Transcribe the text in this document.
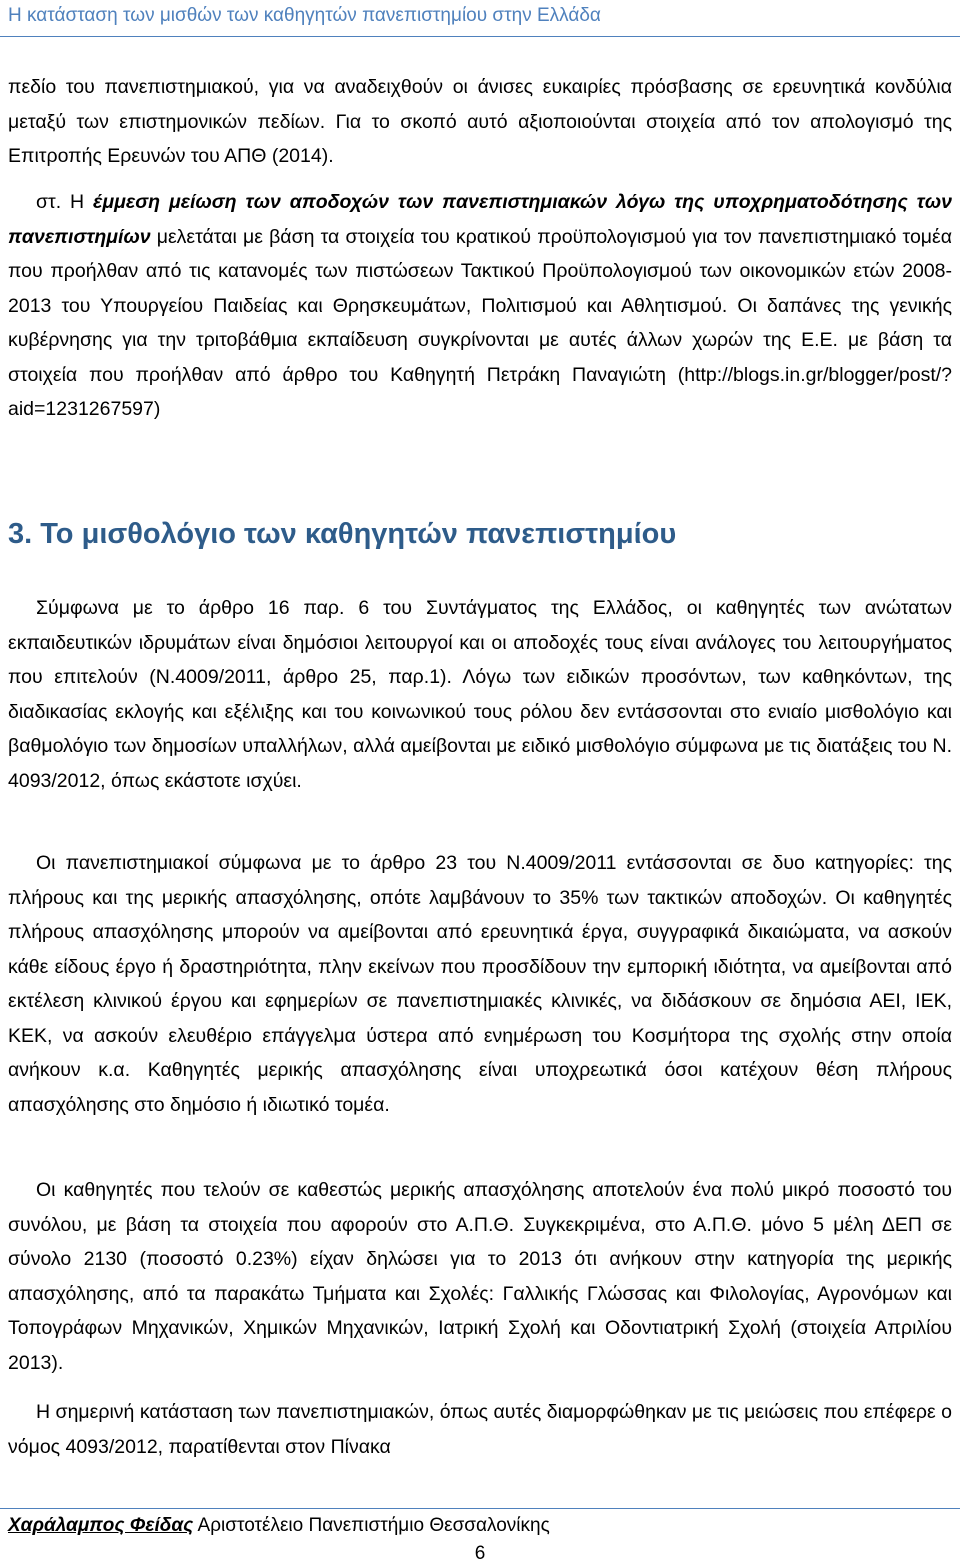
Η κατάσταση των μισθών των καθηγητών πανεπιστημίου στην Ελλάδα

πεδίο του πανεπιστημιακού, για να αναδειχθούν οι άνισες ευκαιρίες πρόσβασης σε ερευνητικά κονδύλια μεταξύ των επιστημονικών πεδίων. Για το σκοπό αυτό αξιοποιούνται στοιχεία από τον απολογισμό της Επιτροπής Ερευνών του ΑΠΘ (2014).

στ. Η έμμεση μείωση των αποδοχών των πανεπιστημιακών λόγω της υποχρηματοδότησης των πανεπιστημίων μελετάται με βάση τα στοιχεία του κρατικού προϋπολογισμού για τον πανεπιστημιακό τομέα που προήλθαν από τις κατανομές των πιστώσεων Τακτικού Προϋπολογισμού των οικονομικών ετών 2008-2013 του Υπουργείου Παιδείας και Θρησκευμάτων, Πολιτισμού και Αθλητισμού. Οι δαπάνες της γενικής κυβέρνησης για την τριτοβάθμια εκπαίδευση συγκρίνονται με αυτές άλλων χωρών της Ε.Ε. με βάση τα στοιχεία που προήλθαν από άρθρο του Καθηγητή Πετράκη Παναγιώτη (http://blogs.in.gr/blogger/post/?aid=1231267597)

3. Το μισθολόγιο των καθηγητών πανεπιστημίου

Σύμφωνα με το άρθρο 16 παρ. 6 του Συντάγματος της Ελλάδος, οι καθηγητές των ανώτατων εκπαιδευτικών ιδρυμάτων είναι δημόσιοι λειτουργοί και οι αποδοχές τους είναι ανάλογες του λειτουργήματος που επιτελούν (Ν.4009/2011, άρθρο 25, παρ.1). Λόγω των ειδικών προσόντων, των καθηκόντων, της διαδικασίας εκλογής και εξέλιξης και του κοινωνικού τους ρόλου δεν εντάσσονται στο ενιαίο μισθολόγιο και βαθμολόγιο των δημοσίων υπαλλήλων, αλλά αμείβονται με ειδικό μισθολόγιο σύμφωνα με τις διατάξεις του Ν. 4093/2012, όπως εκάστοτε ισχύει.

Οι πανεπιστημιακοί σύμφωνα με το άρθρο 23 του Ν.4009/2011 εντάσσονται σε δυο κατηγορίες: της πλήρους και της μερικής απασχόλησης, οπότε λαμβάνουν το 35% των τακτικών αποδοχών. Οι καθηγητές πλήρους απασχόλησης μπορούν να αμείβονται από ερευνητικά έργα, συγγραφικά δικαιώματα, να ασκούν κάθε είδους έργο ή δραστηριότητα, πλην εκείνων που προσδίδουν την εμπορική ιδιότητα, να αμείβονται από εκτέλεση κλινικού έργου και εφημερίων σε πανεπιστημιακές κλινικές, να διδάσκουν σε δημόσια ΑΕΙ, ΙΕΚ, ΚΕΚ, να ασκούν ελευθέριο επάγγελμα ύστερα από ενημέρωση του Κοσμήτορα της σχολής στην οποία ανήκουν κ.α. Καθηγητές μερικής απασχόλησης είναι υποχρεωτικά όσοι κατέχουν θέση πλήρους απασχόλησης στο δημόσιο ή ιδιωτικό τομέα.

Οι καθηγητές που τελούν σε καθεστώς μερικής απασχόλησης αποτελούν ένα πολύ μικρό ποσοστό του συνόλου, με βάση τα στοιχεία που αφορούν στο Α.Π.Θ. Συγκεκριμένα, στο Α.Π.Θ. μόνο 5 μέλη ΔΕΠ σε σύνολο 2130 (ποσοστό 0.23%) είχαν δηλώσει για το 2013 ότι ανήκουν στην κατηγορία της μερικής απασχόλησης, από τα παρακάτω Τμήματα και Σχολές: Γαλλικής Γλώσσας και Φιλολογίας, Αγρονόμων και Τοπογράφων Μηχανικών, Χημικών Μηχανικών, Ιατρική Σχολή και Οδοντιατρική Σχολή (στοιχεία Απριλίου 2013).

Η σημερινή κατάσταση των πανεπιστημιακών, όπως αυτές διαμορφώθηκαν με τις μειώσεις που επέφερε ο νόμος 4093/2012, παρατίθενται στον Πίνακα

Χαράλαμπος Φείδας Αριστοτέλειο Πανεπιστήμιο Θεσσαλονίκης
6
